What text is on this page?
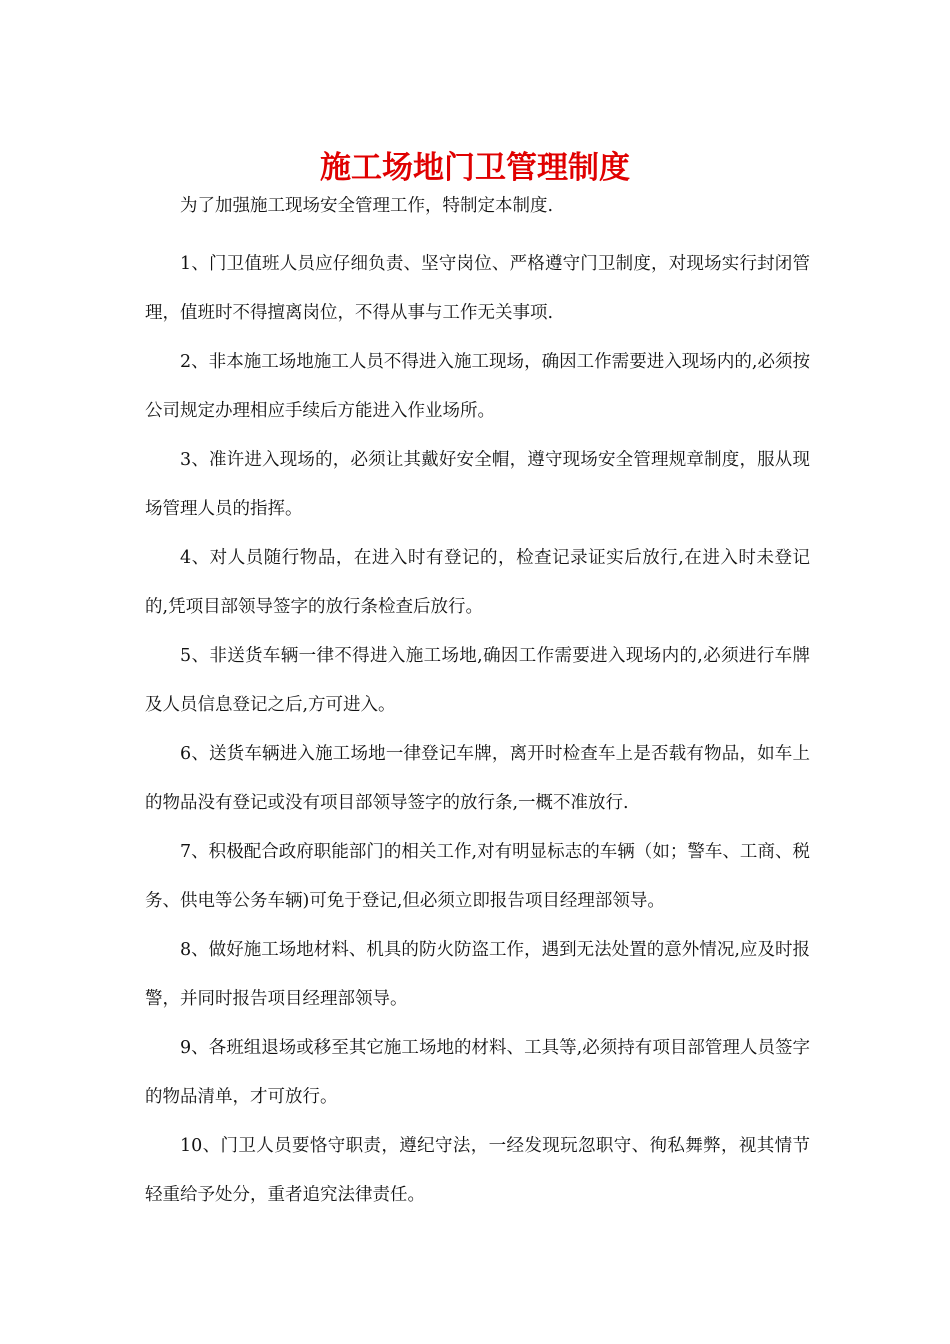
施工场地门卫管理制度

为了加强施工现场安全管理工作，特制定本制度.

1、门卫值班人员应仔细负责、坚守岗位、严格遵守门卫制度，对现场实行封闭管理，值班时不得擅离岗位，不得从事与工作无关事项.

2、非本施工场地施工人员不得进入施工现场，确因工作需要进入现场内的,必须按公司规定办理相应手续后方能进入作业场所。

3、准许进入现场的，必须让其戴好安全帽，遵守现场安全管理规章制度，服从现场管理人员的指挥。

4、对人员随行物品，在进入时有登记的，检查记录证实后放行,在进入时未登记的,凭项目部领导签字的放行条检查后放行。

5、非送货车辆一律不得进入施工场地,确因工作需要进入现场内的,必须进行车牌及人员信息登记之后,方可进入。

6、送货车辆进入施工场地一律登记车牌，离开时检查车上是否载有物品，如车上的物品没有登记或没有项目部领导签字的放行条,一概不准放行.

7、积极配合政府职能部门的相关工作,对有明显标志的车辆（如；警车、工商、税务、供电等公务车辆)可免于登记,但必须立即报告项目经理部领导。

8、做好施工场地材料、机具的防火防盗工作，遇到无法处置的意外情况,应及时报警，并同时报告项目经理部领导。

9、各班组退场或移至其它施工场地的材料、工具等,必须持有项目部管理人员签字的物品清单，才可放行。

10、门卫人员要恪守职责，遵纪守法，一经发现玩忽职守、徇私舞弊，视其情节轻重给予处分，重者追究法律责任。
